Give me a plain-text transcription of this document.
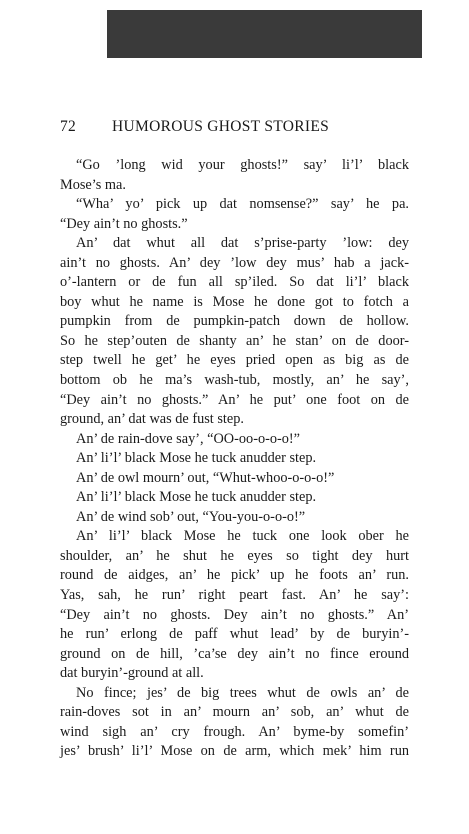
72 HUMOROUS GHOST STORIES
“Go ’long wid your ghosts!” say’ li’l’ black
Mose’s ma.
“Wha’ yo’ pick up dat nomsense?” say’ he pa.
“Dey ain’t no ghosts.”
An’ dat whut all dat s’prise-party ’low: dey
ain’t no ghosts. An’ dey ’low dey mus’ hab a jack-
o’-lantern or de fun all sp’iled. So dat li’l’ black
boy whut he name is Mose he done got to fotch a
pumpkin from de pumpkin-patch down de hollow.
So he step’outen de shanty an’ he stan’ on de door-
step twell he get’ he eyes pried open as big as de
bottom ob he ma’s wash-tub, mostly, an’ he say’,
“Dey ain’t no ghosts.” An’ he put’ one foot on de
ground, an’ dat was de fust step.
An’ de rain-dove say’, “OO-oo-o-o-o!”
An’ li’l’ black Mose he tuck anudder step.
An’ de owl mourn’ out, “Whut-whoo-o-o-o!”
An’ li’l’ black Mose he tuck anudder step.
An’ de wind sob’ out, “You-you-o-o-o!”
An’ li’l’ black Mose he tuck one look ober he
shoulder, an’ he shut he eyes so tight dey hurt
round de aidges, an’ he pick’ up he foots an’ run.
Yas, sah, he run’ right peart fast. An’ he say’:
“Dey ain’t no ghosts. Dey ain’t no ghosts.” An’
he run’ erlong de paff whut lead’ by de buryin’-
ground on de hill, ’ca’se dey ain’t no fince eround
dat buryin’-ground at all.
No fince; jes’ de big trees whut de owls an’ de
rain-doves sot in an’ mourn an’ sob, an’ whut de
wind sigh an’ cry frough. An’ byme-by somefin’
jes’ brush’ li’l’ Mose on de arm, which mek’ him run
